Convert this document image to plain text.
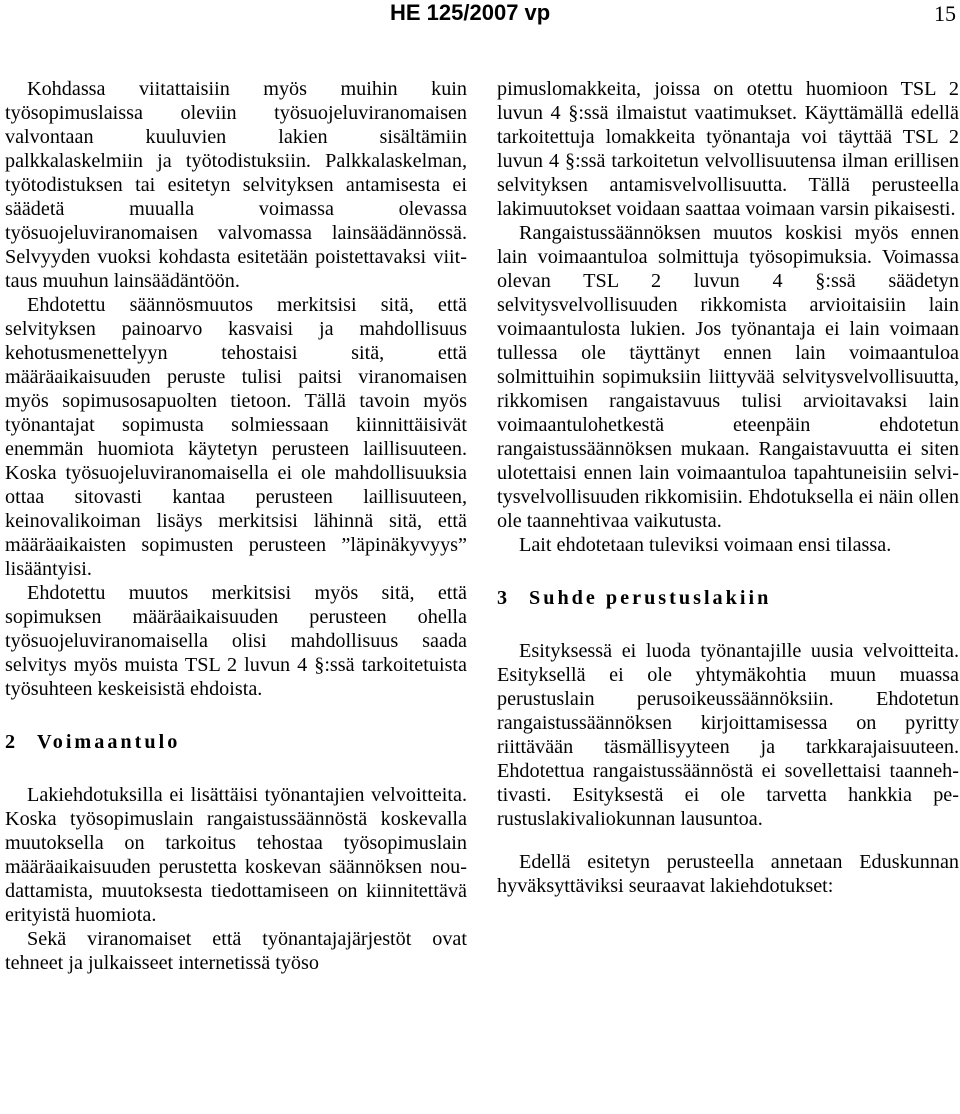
HE 125/2007 vp	15

Kohdassa viitattaisiin myös muihin kuin työsopimuslaissa oleviin työsuojeluviranomaisen valvontaan kuuluvien lakien sisältämiin palkkalaskelmiin ja työtodistuksiin. Palkkalaskelman, työtodistuksen tai esitetyn selvityksen antamisesta ei säädetä muualla voimassa olevassa työsuojeluviranomaisen valvomassa lainsäädännössä. Selvyyden vuoksi kohdasta esitetään poistettavaksi viittaus muuhun lainsäädäntöön.

Ehdotettu säännösmuutos merkitsisi sitä, että selvityksen painoarvo kasvaisi ja mahdollisuus kehotusmenettelyyn tehostaisi sitä, että määräaikaisuuden peruste tulisi paitsi viranomaisen myös sopimusosapuolten tietoon. Tällä tavoin myös työnantajat sopimusta solmiessaan kiinnittäisivät enemmän huomiota käytetyn perusteen laillisuuteen. Koska työsuojeluviranomaisella ei ole mahdollisuuksia ottaa sitovasti kantaa perusteen laillisuuteen, keinovalikoiman lisäys merkitsisi lähinnä sitä, että määräaikaisten sopimusten perusteen ”läpinäkyvyys” lisääntyisi.

Ehdotettu muutos merkitsisi myös sitä, että sopimuksen määräaikaisuuden perusteen ohella työsuojeluviranomaisella olisi mahdollisuus saada selvitys myös muista TSL 2 luvun 4 §:ssä tarkoitetuista työsuhteen keskeisistä ehdoista.

2 Voimaantulo

Lakiehdotuksilla ei lisättäisi työnantajien velvoitteita. Koska työsopimuslain rangaistussäännöstä koskevalla muutoksella on tarkoitus tehostaa työsopimuslain määräaikaisuuden perustetta koskevan säännöksen noudattamista, muutoksesta tiedottamiseen on kiinnitettävä erityistä huomiota.

Sekä viranomaiset että työnantajajärjestöt ovat tehneet ja julkaisseet internetissä työso

pimuslomakkeita, joissa on otettu huomioon TSL 2 luvun 4 §:ssä ilmaistut vaatimukset. Käyttämällä edellä tarkoitettuja lomakkeita työnantaja voi täyttää TSL 2 luvun 4 §:ssä tarkoitetun velvollisuutensa ilman erillisen selvityksen antamisvelvollisuutta. Tällä perusteella lakimuutokset voidaan saattaa voimaan varsin pikaisesti.

Rangaistussäännöksen muutos koskisi myös ennen lain voimaantuloa solmittuja työsopimuksia. Voimassa olevan TSL 2 luvun 4 §:ssä säädetyn selvitysvelvollisuuden rikkomista arvioitaisiin lain voimaantulosta lukien. Jos työnantaja ei lain voimaan tullessa ole täyttänyt ennen lain voimaantuloa solmittuihin sopimuksiin liittyvää selvitysvelvollisuutta, rikkomisen rangaistavuus tulisi arvioitavaksi lain voimaantulohetkestä eteenpäin ehdotetun rangaistussäännöksen mukaan. Rangaistavuutta ei siten ulotettaisi ennen lain voimaantuloa tapahtuneisiin selvitysvelvollisuuden rikkomisiin. Ehdotuksella ei näin ollen ole taannehtivaa vaikutusta.

Lait ehdotetaan tuleviksi voimaan ensi tilassa.

3 Suhde perustuslakiin

Esityksessä ei luoda työnantajille uusia velvoitteita. Esityksellä ei ole yhtymäkohtia muun muassa perustuslain perusoikeussäännöksiin. Ehdotetun rangaistussäännöksen kirjoittamisessa on pyritty riittävään täsmällisyyteen ja tarkkarajaisuuteen. Ehdotettua rangaistussäännöstä ei sovellettaisi taannehtivasti. Esityksestä ei ole tarvetta hankkia perustuslakivaliokunnan lausuntoa.

Edellä esitetyn perusteella annetaan Eduskunnan hyväksyttäviksi seuraavat lakiehdotukset:
